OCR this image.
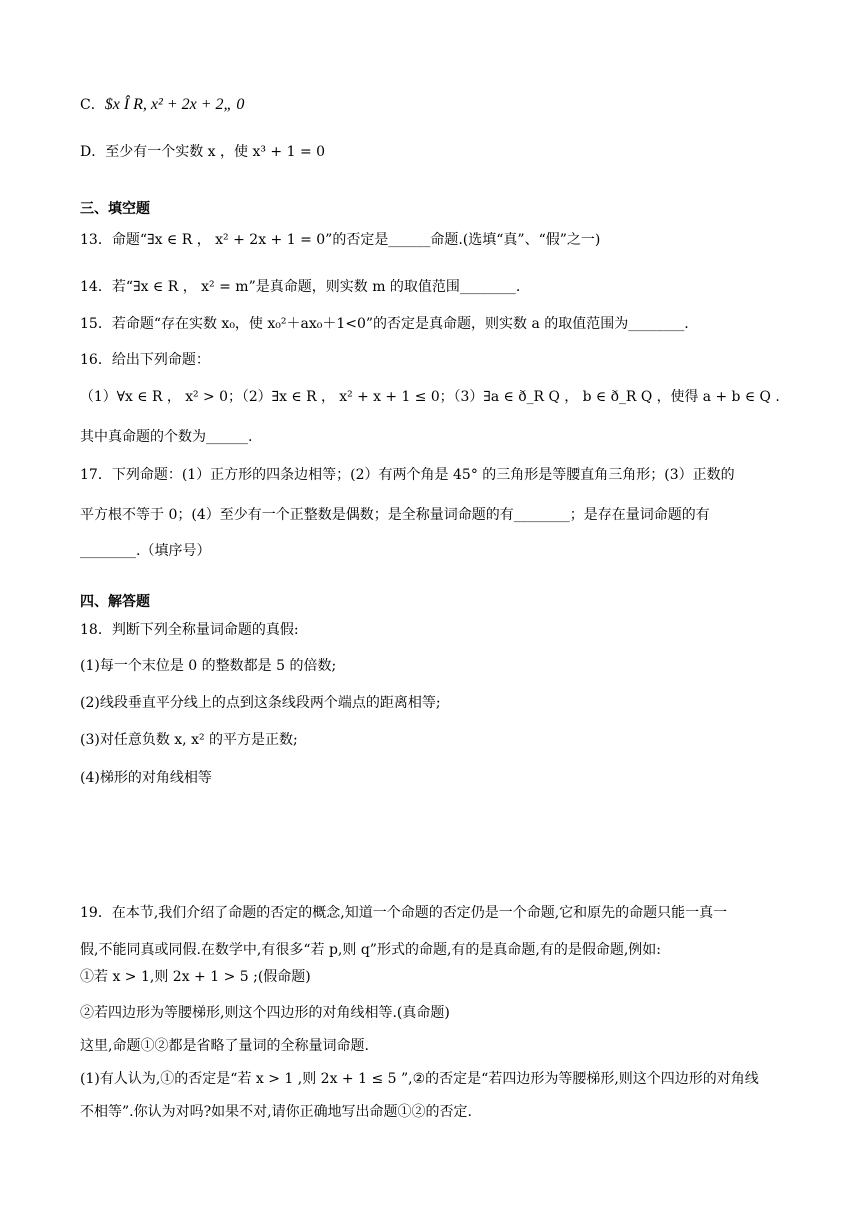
C．$x Î R, x² + 2x + 2„ 0
D．至少有一个实数 x ，使 x³ + 1 = 0
三、填空题
13．命题“∃x ∈ R ， x² + 2x + 1 = 0”的否定是______命题.(选填“真”、“假”之一)
14．若“∃x ∈ R ， x² = m”是真命题，则实数 m 的取值范围________.
15．若命题“存在实数 x₀，使 x₀²＋ax₀＋1<0”的否定是真命题，则实数 a 的取值范围为________.
16．给出下列命题：
（1）∀x ∈ R ， x² > 0；（2）∃x ∈ R ， x² + x + 1 ≤ 0；（3）∃a ∈ ð_R Q ， b ∈ ð_R Q ，使得 a + b ∈ Q .
其中真命题的个数为______.
17．下列命题：(1）正方形的四条边相等；(2）有两个角是 45° 的三角形是等腰直角三角形；(3）正数的
平方根不等于 0；(4）至少有一个正整数是偶数；是全称量词命题的有________；是存在量词命题的有
________.（填序号）
四、解答题
18．判断下列全称量词命题的真假:
(1)每一个末位是 0 的整数都是 5 的倍数;
(2)线段垂直平分线上的点到这条线段两个端点的距离相等;
(3)对任意负数 x, x² 的平方是正数;
(4)梯形的对角线相等
19．在本节,我们介绍了命题的否定的概念,知道一个命题的否定仍是一个命题,它和原先的命题只能一真一
假,不能同真或同假.在数学中,有很多“若 p,则 q”形式的命题,有的是真命题,有的是假命题,例如:
①若 x > 1,则 2x + 1 > 5 ;(假命题)
②若四边形为等腰梯形,则这个四边形的对角线相等.(真命题)
这里,命题①②都是省略了量词的全称量词命题.
(1)有人认为,①的否定是“若 x > 1 ,则 2x + 1 ≤ 5 ”,②的否定是“若四边形为等腰梯形,则这个四边形的对角线
不相等”.你认为对吗?如果不对,请你正确地写出命题①②的否定.
